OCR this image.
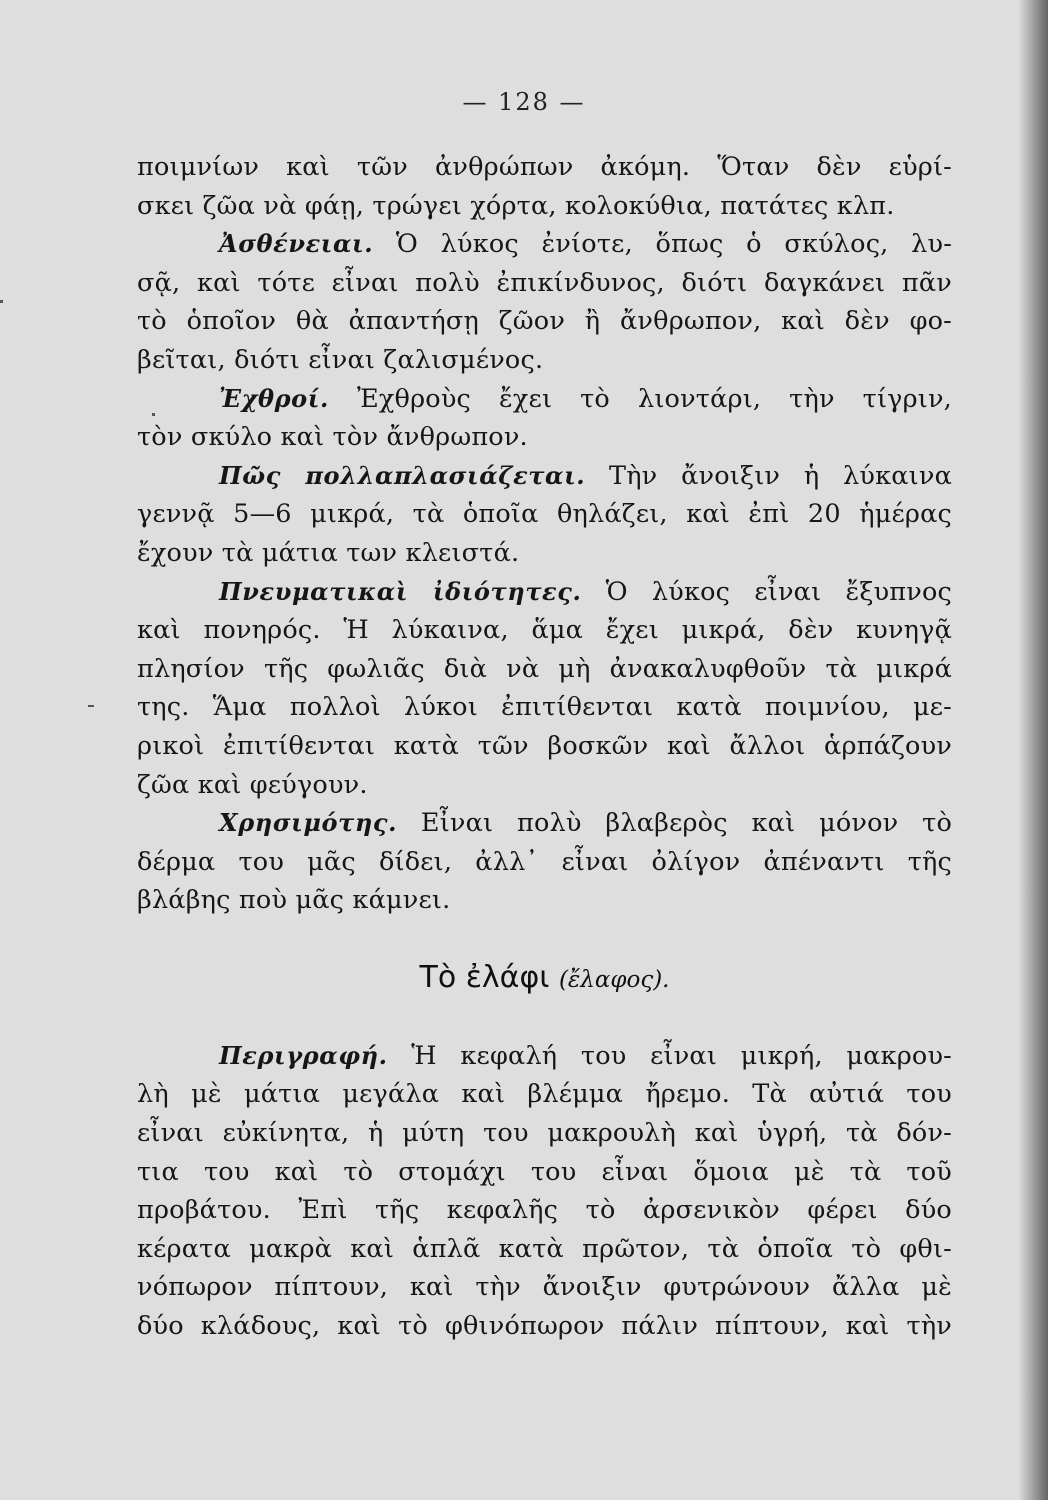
— 128 —
ποιμνίων καὶ τῶν ἀνθρώπων ἀκόμη. Ὅταν δὲν εὑρί-
σκει ζῶα νὰ φάῃ, τρώγει χόρτα, κολοκύθια, πατάτες κλπ.
Ἀσθένειαι. Ὁ λύκος ἐνίοτε, ὅπως ὁ σκύλος, λυ-
σᾷ, καὶ τότε εἶναι πολὺ ἐπικίνδυνος, διότι δαγκάνει πᾶν
τὸ ὁποῖον θὰ ἀπαντήσῃ ζῶον ἢ ἄνθρωπον, καὶ δὲν φο-
βεῖται, διότι εἶναι ζαλισμένος.
Ἐχθροί. Ἐχθροὺς ἔχει τὸ λιοντάρι, τὴν τίγριν,
τὸν σκύλο καὶ τὸν ἄνθρωπον.
Πῶς πολλαπλασιάζεται. Τὴν ἄνοιξιν ἡ λύκαινα
γεννᾷ 5—6 μικρά, τὰ ὁποῖα θηλάζει, καὶ ἐπὶ 20 ἡμέρας
ἔχουν τὰ μάτια των κλειστά.
Πνευματικαὶ ἰδιότητες. Ὁ λύκος εἶναι ἔξυπνος
καὶ πονηρός. Ἡ λύκαινα, ἅμα ἔχει μικρά, δὲν κυνηγᾷ
πλησίον τῆς φωλιᾶς διὰ νὰ μὴ ἀνακαλυφθοῦν τὰ μικρά
της. Ἅμα πολλοὶ λύκοι ἐπιτίθενται κατὰ ποιμνίου, με-
ρικοὶ ἐπιτίθενται κατὰ τῶν βοσκῶν καὶ ἄλλοι ἁρπάζουν
ζῶα καὶ φεύγουν.
Χρησιμότης. Εἶναι πολὺ βλαβερὸς καὶ μόνον τὸ
δέρμα του μᾶς δίδει, ἀλλ᾽ εἶναι ὀλίγον ἀπέναντι τῆς
βλάβης ποὺ μᾶς κάμνει.
Τὸ ἐλάφι (ἔλαφος).
Περιγραφή. Ἡ κεφαλή του εἶναι μικρή, μακρου-
λὴ μὲ μάτια μεγάλα καὶ βλέμμα ἤρεμο. Τὰ αὐτιά του
εἶναι εὐκίνητα, ἡ μύτη του μακρουλὴ καὶ ὑγρή, τὰ δόν-
τια του καὶ τὸ στομάχι του εἶναι ὅμοια μὲ τὰ τοῦ
προβάτου. Ἐπὶ τῆς κεφαλῆς τὸ ἀρσενικὸν φέρει δύο
κέρατα μακρὰ καὶ ἁπλᾶ κατὰ πρῶτον, τὰ ὁποῖα τὸ φθι-
νόπωρον πίπτουν, καὶ τὴν ἄνοιξιν φυτρώνουν ἄλλα μὲ
δύο κλάδους, καὶ τὸ φθινόπωρον πάλιν πίπτουν, καὶ τὴν
